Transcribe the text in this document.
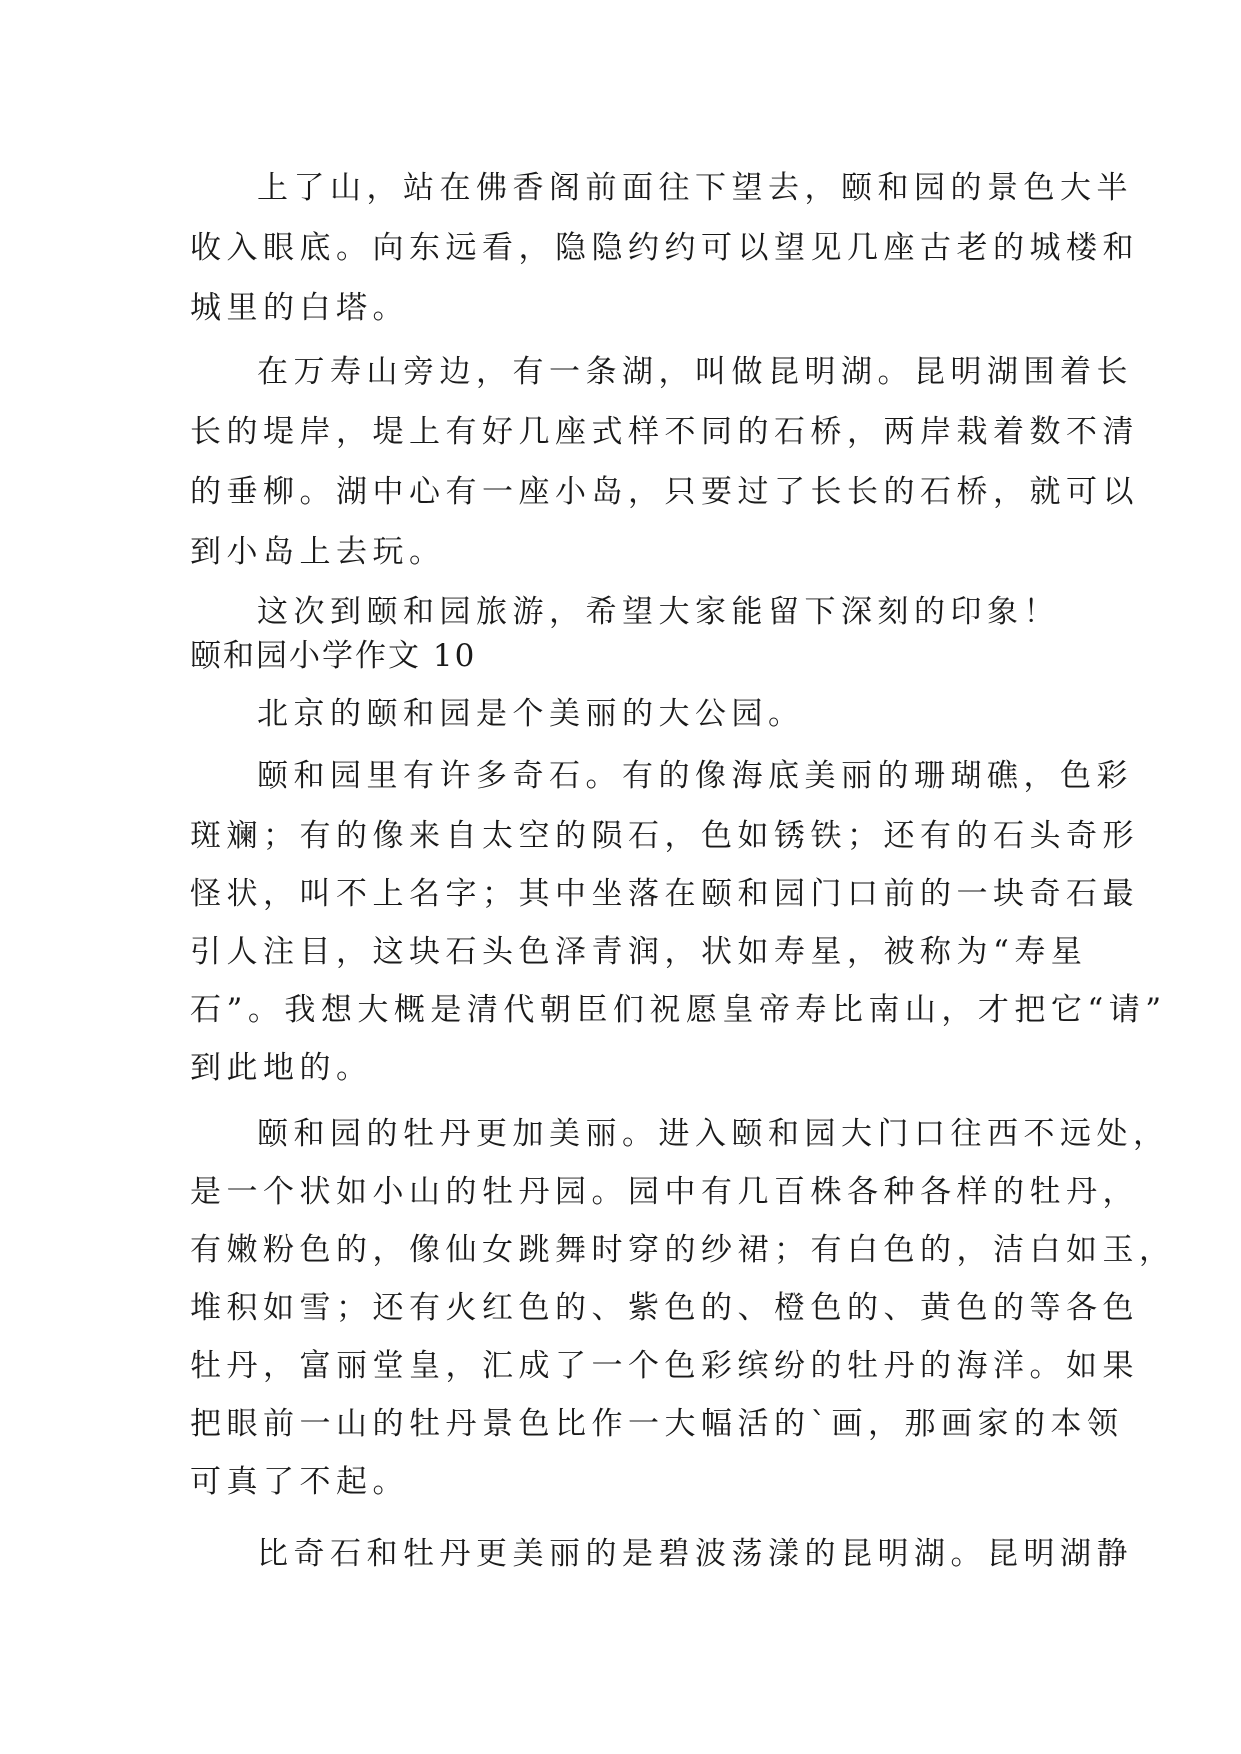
上了山，站在佛香阁前面往下望去，颐和园的景色大半
收入眼底。向东远看，隐隐约约可以望见几座古老的城楼和
城里的白塔。
在万寿山旁边，有一条湖，叫做昆明湖。昆明湖围着长
长的堤岸，堤上有好几座式样不同的石桥，两岸栽着数不清
的垂柳。湖中心有一座小岛，只要过了长长的石桥，就可以
到小岛上去玩。
这次到颐和园旅游，希望大家能留下深刻的印象！
颐和园小学作文 10
北京的颐和园是个美丽的大公园。
颐和园里有许多奇石。有的像海底美丽的珊瑚礁，色彩
斑斓；有的像来自太空的陨石，色如锈铁；还有的石头奇形
怪状，叫不上名字；其中坐落在颐和园门口前的一块奇石最
引人注目，这块石头色泽青润，状如寿星，被称为“寿星
石”。我想大概是清代朝臣们祝愿皇帝寿比南山，才把它“请”
到此地的。
颐和园的牡丹更加美丽。进入颐和园大门口往西不远处，
是一个状如小山的牡丹园。园中有几百株各种各样的牡丹，
有嫩粉色的，像仙女跳舞时穿的纱裙；有白色的，洁白如玉，
堆积如雪；还有火红色的、紫色的、橙色的、黄色的等各色
牡丹，富丽堂皇，汇成了一个色彩缤纷的牡丹的海洋。如果
把眼前一山的牡丹景色比作一大幅活的`画，那画家的本领
可真了不起。
比奇石和牡丹更美丽的是碧波荡漾的昆明湖。昆明湖静
